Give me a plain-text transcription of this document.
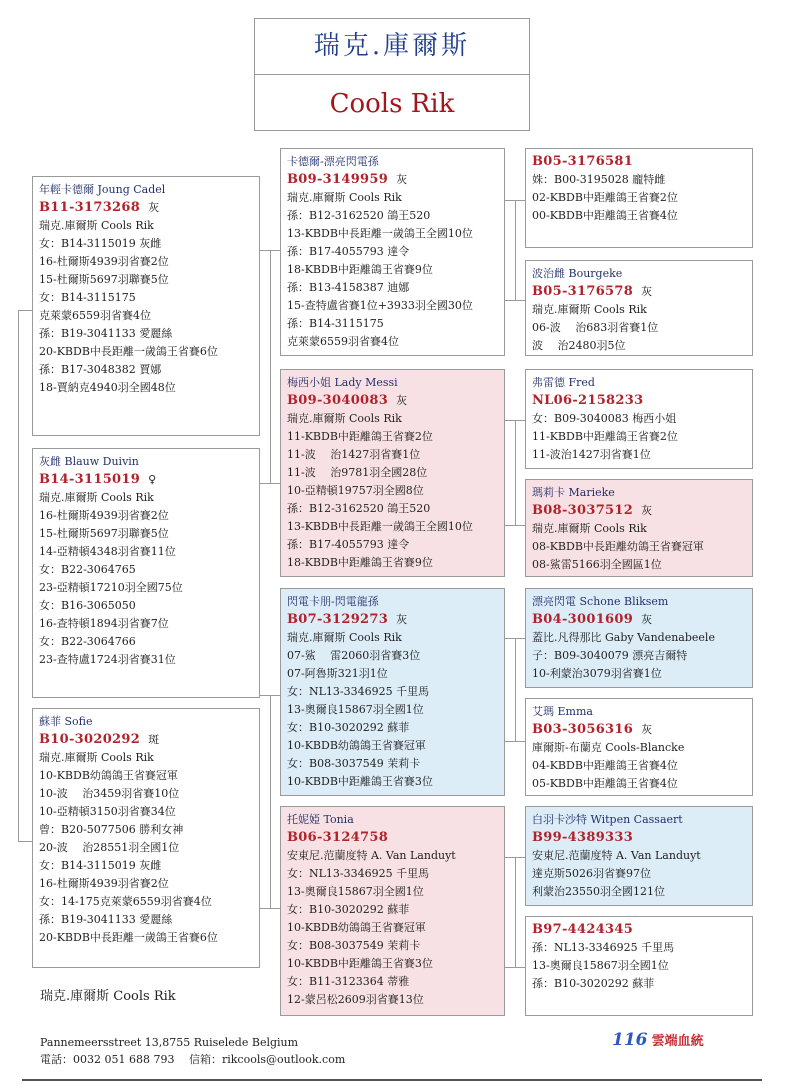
瑞克.庫爾斯
Cools Rik
年輕卡德爾 Joung Cadel
B11-3173268 灰
瑞克.庫爾斯 Cools Rik
女：B14-3115019 灰雌
16-杜爾斯4939羽省賽2位
15-杜爾斯5697羽聯賽5位
女：B14-3115175
克萊蒙6559羽省賽4位
孫：B19-3041133 愛麗絲
20-KBDB中長距離一歲鴿王省賽6位
孫：B17-3048382 賈娜
18-賈納克4940羽全國48位
灰雌 Blauw Duivin
B14-3115019 ♀
瑞克.庫爾斯 Cools Rik
16-杜爾斯4939羽省賽2位
15-杜爾斯5697羽聯賽5位
14-亞精頓4348羽省賽11位
女：B22-3064765
23-亞精頓17210羽全國75位
女：B16-3065050
16-查特頓1894羽省賽7位
女：B22-3064766
23-查特盧1724羽省賽31位
蘇菲 Sofie
B10-3020292 斑
瑞克.庫爾斯 Cools Rik
10-KBDB幼鴿鴿王省賽冠軍
10-波　 治3459羽省賽10位
10-亞精頓3150羽省賽34位
曾：B20-5077506 勝利女神
20-波　 治28551羽全國1位
女：B14-3115019 灰雌
16-杜爾斯4939羽省賽2位
女：14-175克萊蒙6559羽省賽4位
孫：B19-3041133 愛麗絲
20-KBDB中長距離一歲鴿王省賽6位
卡德爾-漂亮閃電孫
B09-3149959 灰
瑞克.庫爾斯 Cools Rik
孫：B12-3162520 鴿王520
13-KBDB中長距離一歲鴿王全國10位
孫：B17-4055793 達令
18-KBDB中距離鴿王省賽9位
孫：B13-4158387 迪娜
15-查特盧省賽1位+3933羽全國30位
孫：B14-3115175
克萊蒙6559羽省賽4位
梅西小姐 Lady Messi
B09-3040083 灰
瑞克.庫爾斯 Cools Rik
11-KBDB中距離鴿王省賽2位
11-波　 治1427羽省賽1位
11-波　 治9781羽全國28位
10-亞精頓19757羽全國8位
孫：B12-3162520 鴿王520
13-KBDB中長距離一歲鴿王全國10位
孫：B17-4055793 達令
18-KBDB中距離鴿王省賽9位
閃電卡朋-閃電龍孫
B07-3129273 灰
瑞克.庫爾斯 Cools Rik
07-鯊　 雷2060羽省賽3位
07-阿魯斯321羽1位
女：NL13-3346925 千里馬
13-奧爾良15867羽全國1位
女：B10-3020292 蘇菲
10-KBDB幼鴿鴿王省賽冠軍
女：B08-3037549 茉莉卡
10-KBDB中距離鴿王省賽3位
托妮婭 Tonia
B06-3124758
安東尼.范蘭度特 A. Van Landuyt
女：NL13-3346925 千里馬
13-奧爾良15867羽全國1位
女：B10-3020292 蘇菲
10-KBDB幼鴿鴿王省賽冠軍
女：B08-3037549 茉莉卡
10-KBDB中距離鴿王省賽3位
女：B11-3123364 蒂雅
12-蒙呂松2609羽省賽13位
B05-3176581
姝：B00-3195028 龐特雌
02-KBDB中距離鴿王省賽2位
00-KBDB中距離鴿王省賽4位
波治雌 Bourgeke
B05-3176578 灰
瑞克.庫爾斯 Cools Rik
06-波　 治683羽省賽1位
波　 治2480羽5位
弗雷德 Fred
NL06-2158233
女：B09-3040083 梅西小姐
11-KBDB中距離鴿王省賽2位
11-波治1427羽省賽1位
瑪莉卡 Marieke
B08-3037512 灰
瑞克.庫爾斯 Cools Rik
08-KBDB中長距離幼鴿王省賽冠軍
08-鯊雷5166羽全國區1位
漂亮閃電 Schone Bliksem
B04-3001609 灰
蓋比.凡得那比 Gaby Vandenabeele
子：B09-3040079 漂亮吉爾特
10-利蒙治3079羽省賽1位
艾瑪 Emma
B03-3056316 灰
庫爾斯-布蘭克 Cools-Blancke
04-KBDB中距離鴿王省賽4位
05-KBDB中距離鴿王省賽4位
白羽卡沙特 Witpen Cassaert
B99-4389333
安東尼.范蘭度特 A. Van Landuyt
達克斯5026羽省賽97位
利蒙治23550羽全國121位
B97-4424345
孫：NL13-3346925 千里馬
13-奧爾良15867羽全國1位
孫：B10-3020292 蘇菲
瑞克.庫爾斯 Cools Rik
Pannemeersstreet 13,8755 Ruiselede Belgium
電話：0032 051 688 793　 信箱：rikcools@outlook.com
116 雲端血統
